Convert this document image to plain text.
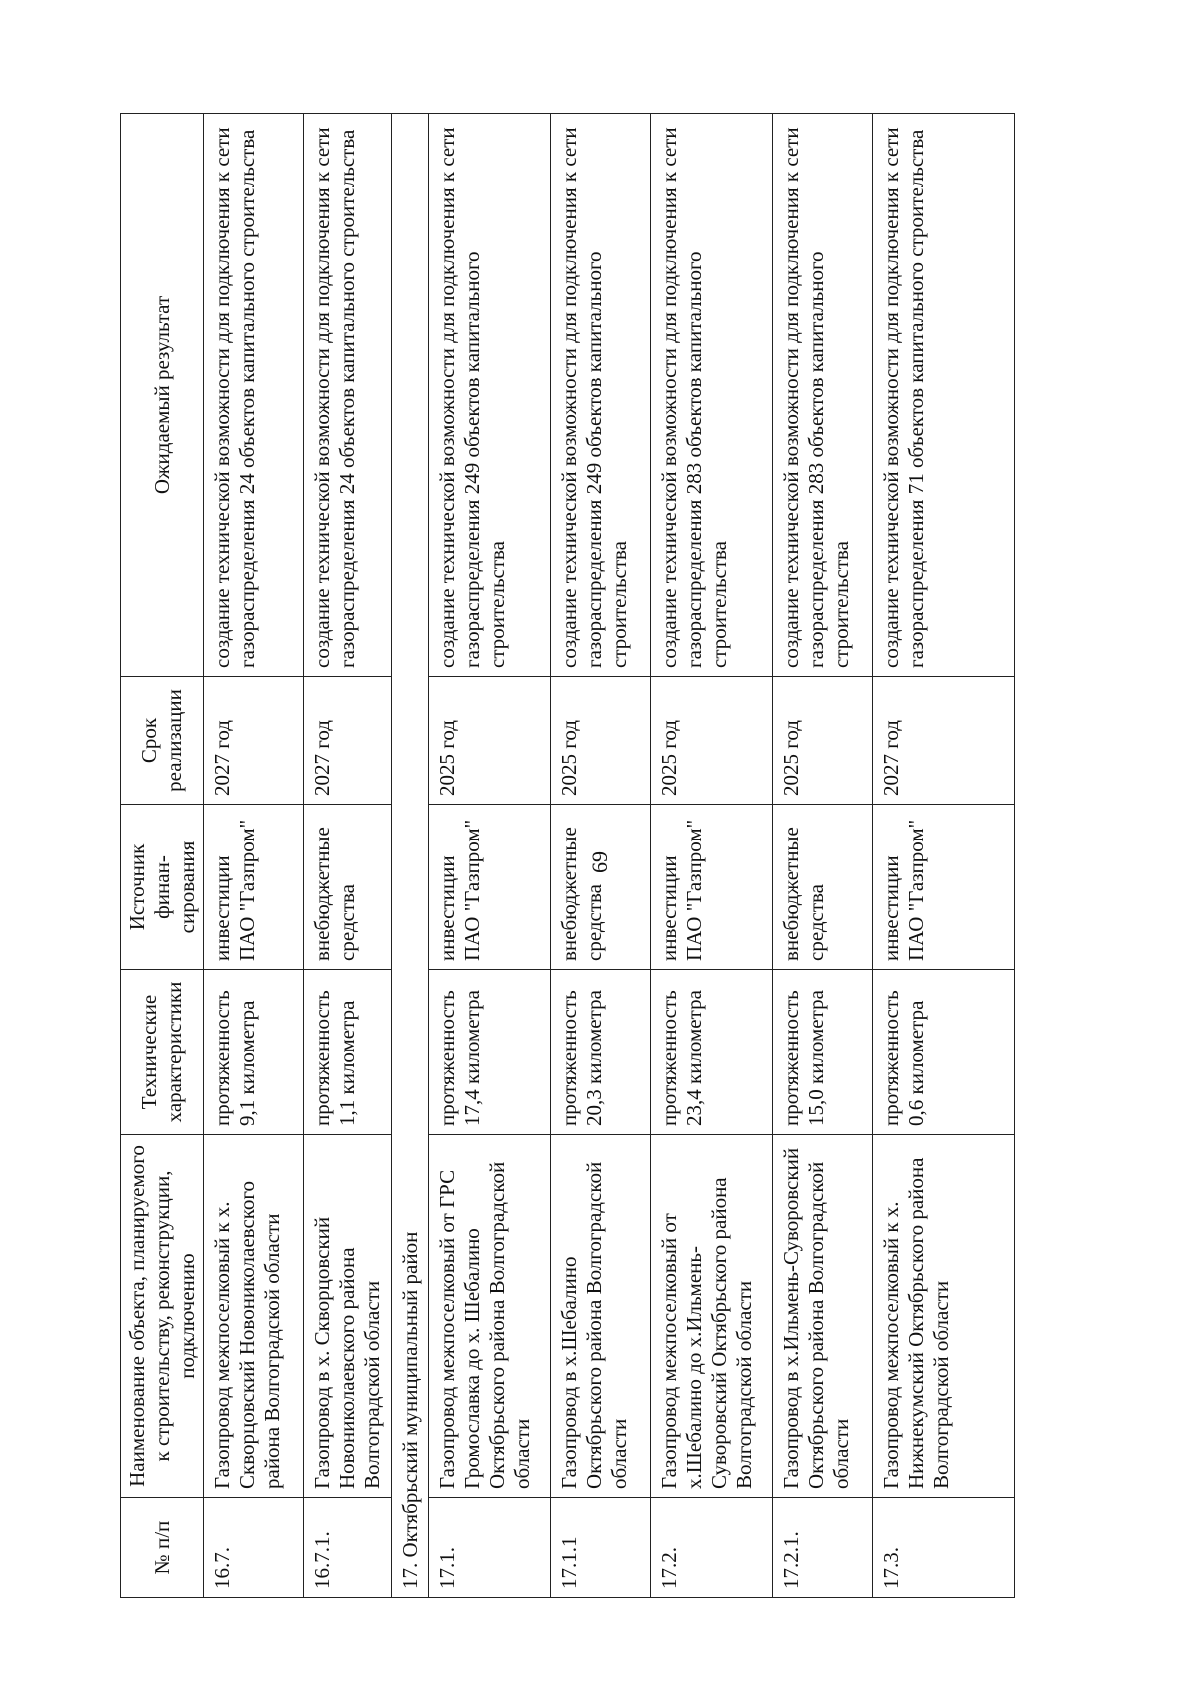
69
№ п/п	Наименование объекта, планируемого к строительству, реконструкции, подключению	Технические характеристики	Источник финан-сирования	Срок реализации	Ожидаемый результат
16.7.	Газопровод межпоселковый к х. Скворцовский Новониколаевского района Волгоградской области	протяженность 9,1 километра	инвестиции ПАО "Газпром"	2027 год	создание технической возможности для подключения к сети газораспределения 24 объектов капитального строительства
16.7.1.	Газопровод в х. Скворцовский Новониколаевского района Волгоградской области	протяженность 1,1 километра	внебюджетные средства	2027 год	создание технической возможности для подключения к сети газораспределения 24 объектов капитального строительства
17. Октябрьский муниципальный район					
17.1.	Газопровод межпоселковый от ГРС Громославка до х. Шебалино Октябрьского района Волгоградской области	протяженность 17,4 километра	инвестиции ПАО "Газпром"	2025 год	создание технической возможности для подключения к сети газораспределения 249 объектов капитального строительства
17.1.1	Газопровод в х.Шебалино Октябрьского района Волгоградской области	протяженность 20,3 километра	внебюджетные средства	2025 год	создание технической возможности для подключения к сети газораспределения 249 объектов капитального строительства
17.2.	Газопровод межпоселковый от х.Шебалино до х.Ильмень-Суворовский Октябрьского района Волгоградской области	протяженность 23,4 километра	инвестиции ПАО "Газпром"	2025 год	создание технической возможности для подключения к сети газораспределения 283 объектов капитального строительства
17.2.1.	Газопровод в х.Ильмень-Суворовский Октябрьского района Волгоградской области	протяженность 15,0 километра	внебюджетные средства	2025 год	создание технической возможности для подключения к сети газораспределения 283 объектов капитального строительства
17.3.	Газопровод межпоселковый к х. Нижнекумский Октябрьского района Волгоградской области	протяженность 0,6 километра	инвестиции ПАО "Газпром"	2027 год	создание технической возможности для подключения к сети газораспределения 71 объектов капитального строительства
